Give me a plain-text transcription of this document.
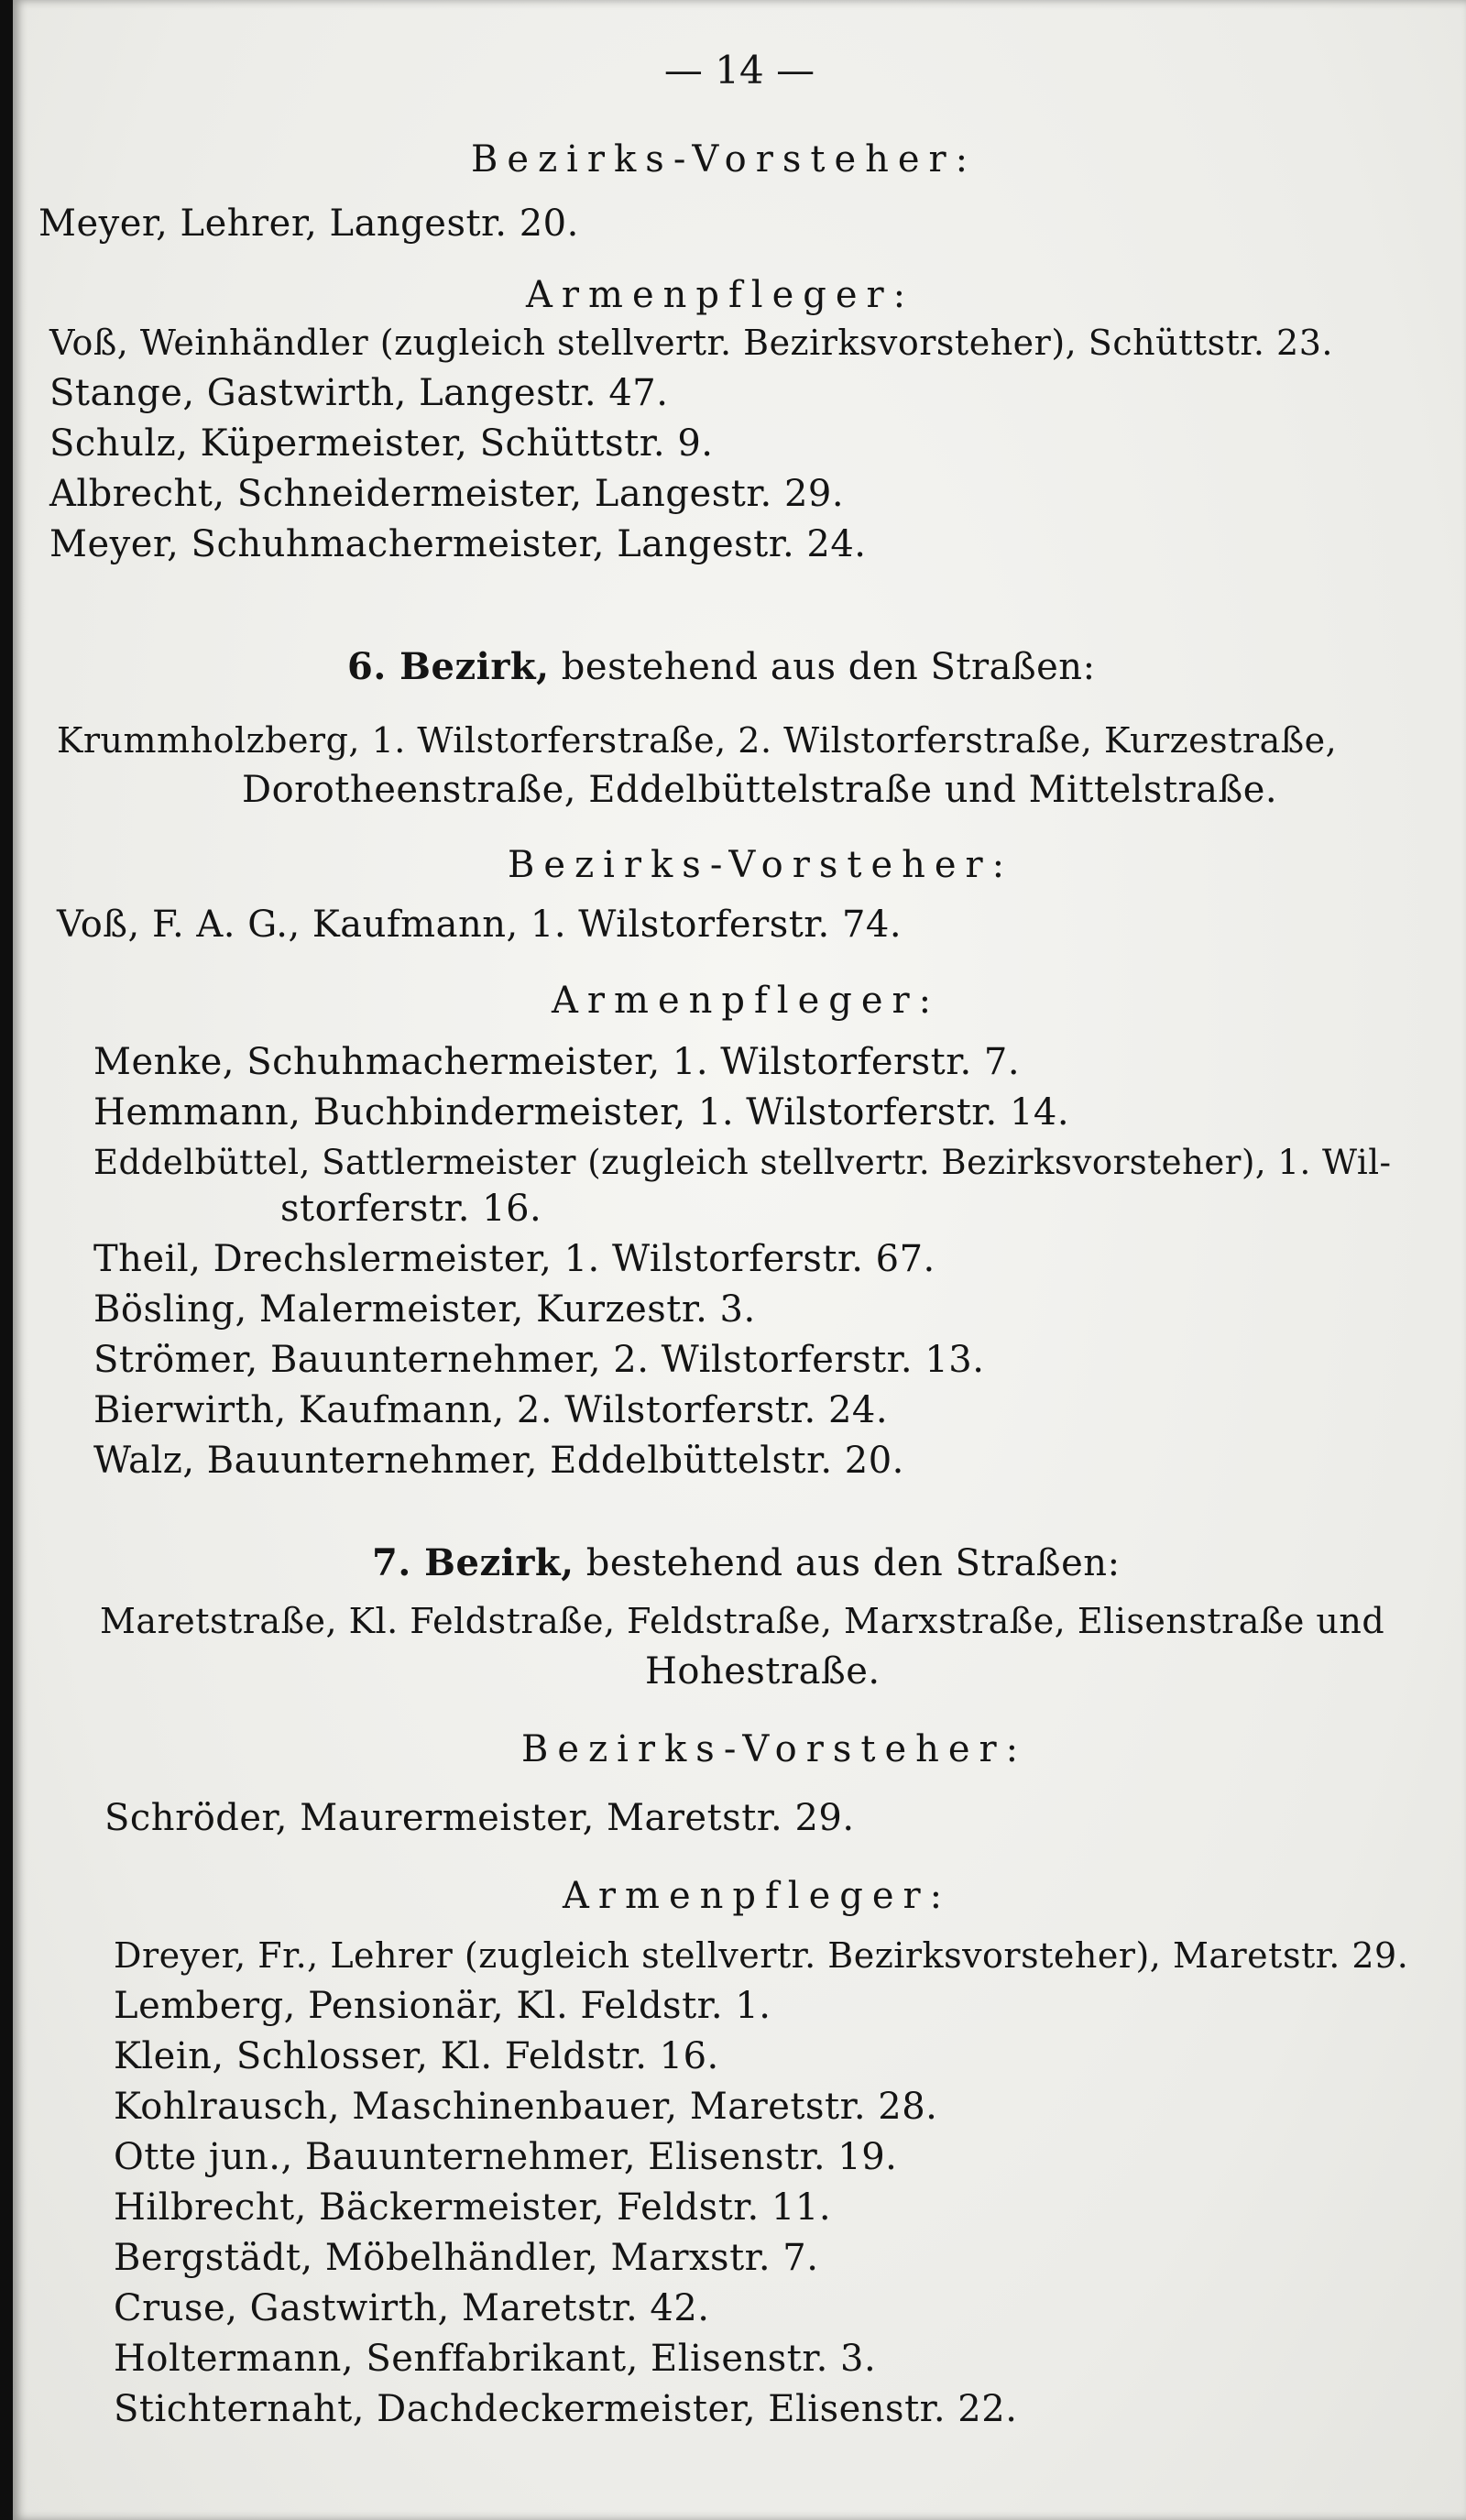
— 14 —
Bezirks-Vorsteher:
Meyer, Lehrer, Langestr. 20.
Armenpfleger:
Voß, Weinhändler (zugleich stellvertr. Bezirksvorsteher), Schüttstr. 23.
Stange, Gastwirth, Langestr. 47.
Schulz, Küpermeister, Schüttstr. 9.
Albrecht, Schneidermeister, Langestr. 29.
Meyer, Schuhmachermeister, Langestr. 24.
6. Bezirk, bestehend aus den Straßen:
Krummholzberg, 1. Wilstorferstraße, 2. Wilstorferstraße, Kurzestraße,
Dorotheenstraße, Eddelbüttelstraße und Mittelstraße.
Bezirks-Vorsteher:
Voß, F. A. G., Kaufmann, 1. Wilstorferstr. 74.
Armenpfleger:
Menke, Schuhmachermeister, 1. Wilstorferstr. 7.
Hemmann, Buchbindermeister, 1. Wilstorferstr. 14.
Eddelbüttel, Sattlermeister (zugleich stellvertr. Bezirksvorsteher), 1. Wil-
storferstr. 16.
Theil, Drechslermeister, 1. Wilstorferstr. 67.
Bösling, Malermeister, Kurzestr. 3.
Strömer, Bauunternehmer, 2. Wilstorferstr. 13.
Bierwirth, Kaufmann, 2. Wilstorferstr. 24.
Walz, Bauunternehmer, Eddelbüttelstr. 20.
7. Bezirk, bestehend aus den Straßen:
Maretstraße, Kl. Feldstraße, Feldstraße, Marxstraße, Elisenstraße und
Hohestraße.
Bezirks-Vorsteher:
Schröder, Maurermeister, Maretstr. 29.
Armenpfleger:
Dreyer, Fr., Lehrer (zugleich stellvertr. Bezirksvorsteher), Maretstr. 29.
Lemberg, Pensionär, Kl. Feldstr. 1.
Klein, Schlosser, Kl. Feldstr. 16.
Kohlrausch, Maschinenbauer, Maretstr. 28.
Otte jun., Bauunternehmer, Elisenstr. 19.
Hilbrecht, Bäckermeister, Feldstr. 11.
Bergstädt, Möbelhändler, Marxstr. 7.
Cruse, Gastwirth, Maretstr. 42.
Holtermann, Senffabrikant, Elisenstr. 3.
Stichternaht, Dachdeckermeister, Elisenstr. 22.
